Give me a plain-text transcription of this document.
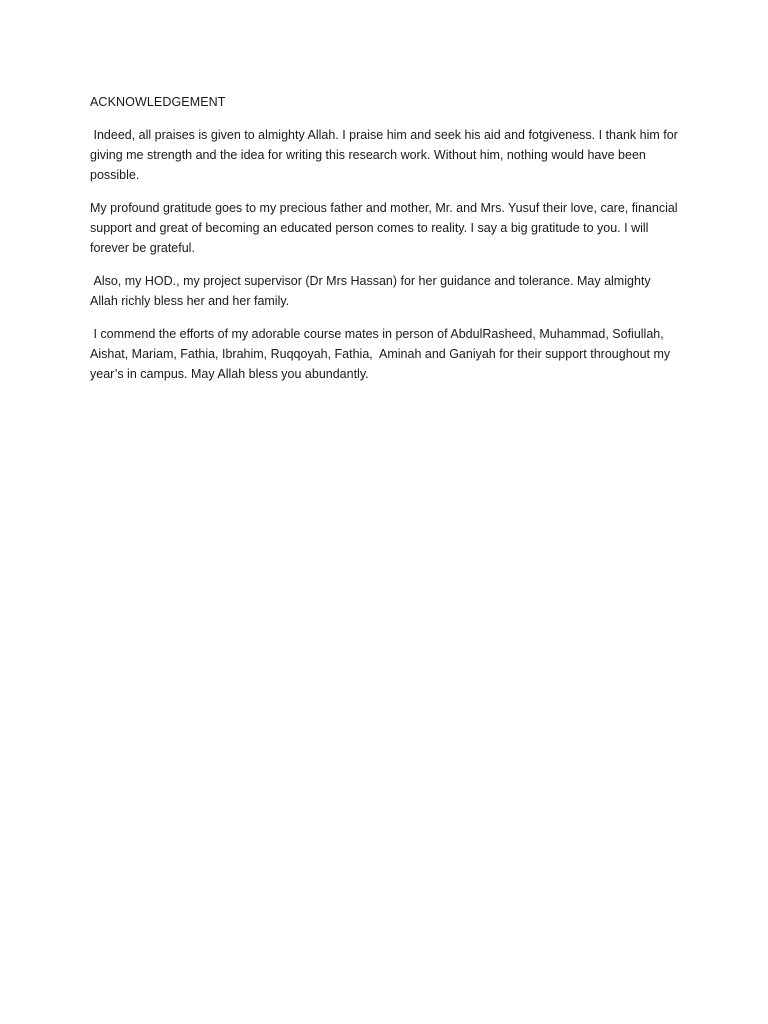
ACKNOWLEDGEMENT

Indeed, all praises is given to almighty Allah. I praise him and seek his aid and fotgiveness. I thank him for giving me strength and the idea for writing this research work. Without him, nothing would have been possible.

My profound gratitude goes to my precious father and mother, Mr. and Mrs. Yusuf their love, care, financial support and great of becoming an educated person comes to reality. I say a big gratitude to you. I will forever be grateful.

Also, my HOD., my project supervisor (Dr Mrs Hassan) for her guidance and tolerance. May almighty Allah richly bless her and her family.

I commend the efforts of my adorable course mates in person of AbdulRasheed, Muhammad, Sofiullah, Aishat, Mariam, Fathia, Ibrahim, Ruqqoyah, Fathia,  Aminah and Ganiyah for their support throughout my year’s in campus. May Allah bless you abundantly.
